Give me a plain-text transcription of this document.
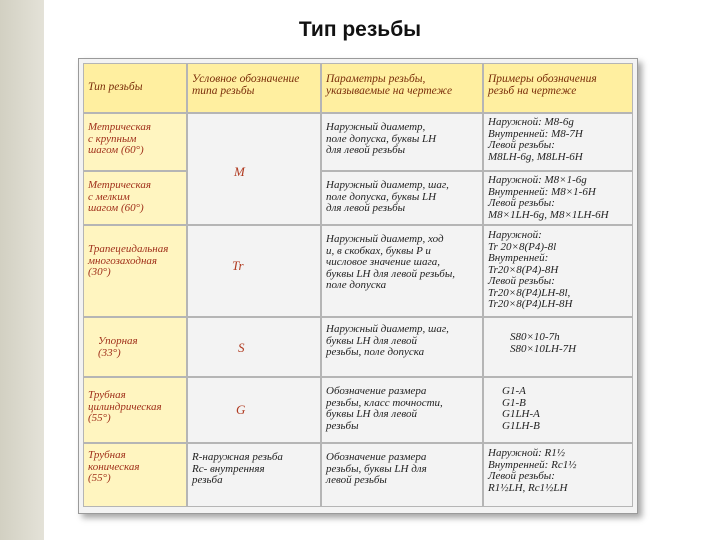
Тип резьбы
Тип резьбы
Условное обозначение
типа резьбы
Параметры резьбы,
указываемые на чертеже
Примеры обозначения
резьб на чертеже
Метрическая
с крупным
шагом (60°)
M
Наружный диаметр,
поле допуска, буквы LH
для левой резьбы
Наружной: M8-6g
Внутренней: M8-7H
Левой резьбы:
M8LH-6g, M8LH-6H
Метрическая
с мелким
шагом (60°)
Наружный диаметр, шаг,
поле допуска, буквы LH
для левой резьбы
Наружной: M8×1-6g
Внутренней: M8×1-6H
Левой резьбы:
M8×1LH-6g, M8×1LH-6H
Трапецеидальная
многозаходная
(30°)	Tr
Наружный диаметр, ход
и, в скобках, буквы P и
числовое значение шага,
буквы LH для левой резьбы,
поле допуска
Наружной:
Tr 20×8(P4)-8l
Внутренней:
Tr20×8(P4)-8H
Левой резьбы:
Tr20×8(P4)LH-8l,
Tr20×8(P4)LH-8H
Упорная
(33°)	S
Наружный диаметр, шаг,
буквы LH для левой
резьбы, поле допуска
S80×10-7h
S80×10LH-7H
Трубная
цилиндрическая
(55°)
G
Обозначение размера
резьбы, класс точности,
буквы LH для левой
резьбы
G1-A
G1-B
G1LH-A
G1LH-B
Трубная
коническая
(55°)
R-наружная резьба
Rc- внутренняя
резьба
Обозначение размера
резьбы, буквы LH для
левой резьбы
Наружной: R1½
Внутренней: Rc1½
Левой резьбы:
R1½LH, Rc1½LH
